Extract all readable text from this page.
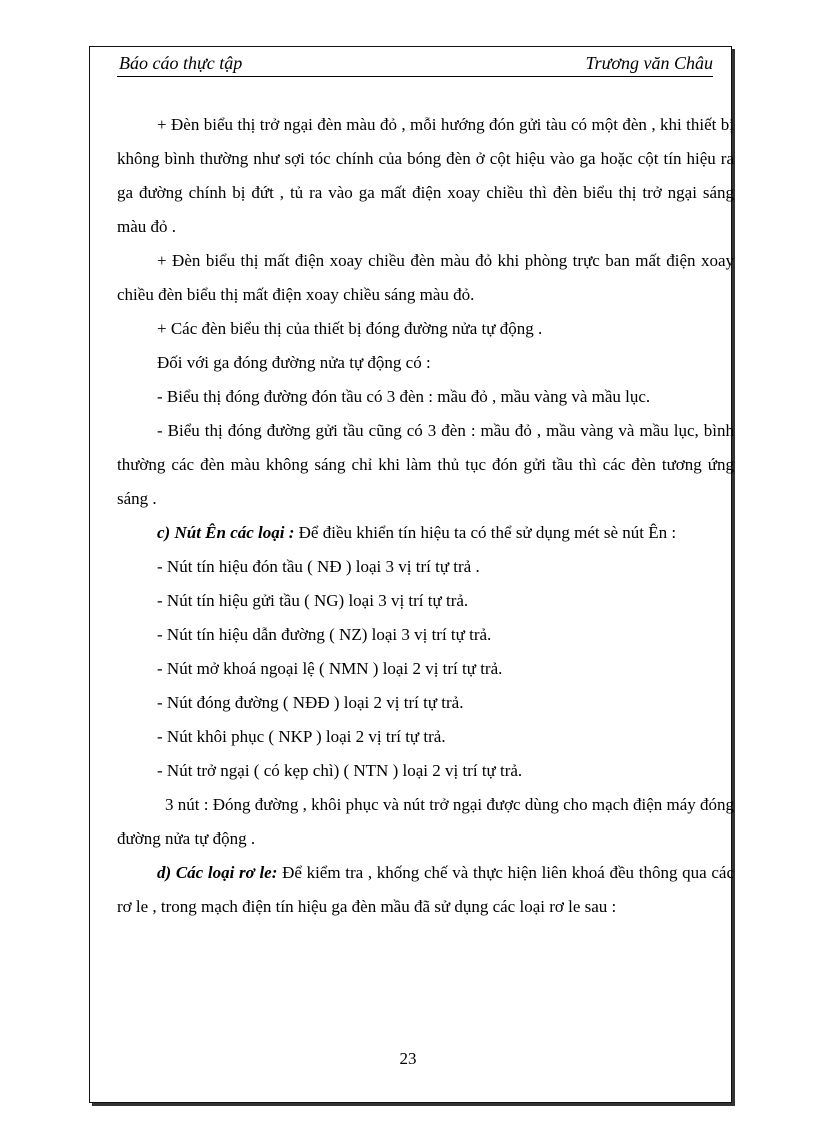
Báo cáo thực tập	Trương văn Châu

+ Đèn biểu thị trở ngại đèn màu đỏ , mỗi hướng đón gửi tàu có một đèn , khi thiết bị không bình thường như sợi tóc chính của bóng đèn ở cột hiệu vào ga hoặc cột tín hiệu ra ga đường chính bị đứt , tủ ra vào ga mất điện xoay chiều thì đèn biểu thị trở ngại sáng màu đỏ .

+ Đèn biểu thị mất điện xoay chiều đèn màu đỏ khi phòng trực ban mất điện xoay chiều đèn biểu thị mất điện xoay chiều sáng màu đỏ.

+ Các đèn biểu thị của thiết bị đóng đường nửa tự động .

Đối với ga đóng đường nửa tự động có :

- Biểu thị đóng đường đón tầu có 3 đèn : mầu đỏ , mầu vàng và mầu lục.

- Biểu thị đóng đường gửi tầu cũng có 3 đèn : mầu đỏ , mầu vàng và mầu lục, bình thường các đèn màu không sáng chỉ khi làm thủ tục đón gửi tầu thì các đèn tương ứng sáng .

c) Nút Ên các loại : Để điều khiển tín hiệu ta có thể sử dụng mét sè nút Ên :

- Nút tín hiệu đón tầu ( NĐ ) loại 3 vị trí tự trả .

- Nút tín hiệu gửi tầu ( NG) loại 3 vị trí tự trả.

- Nút tín hiệu dẫn đường ( NZ) loại 3 vị trí tự trả.

- Nút mở khoá ngoại lệ ( NMN ) loại 2 vị trí tự trả.

- Nút đóng đường ( NĐĐ ) loại 2 vị trí tự trả.

- Nút khôi phục ( NKP ) loại 2 vị trí tự trả.

- Nút trở ngại ( có kẹp chì) ( NTN ) loại 2 vị trí tự trả.

3 nút : Đóng đường , khôi phục và nút trở ngại được dùng cho mạch điện máy đóng đường nửa tự động .

d) Các loại rơ le: Để kiểm tra , khống chế và thực hiện liên khoá đều thông qua các rơ le , trong mạch điện tín hiệu ga đèn mầu đã sử dụng các loại rơ le sau :

23
